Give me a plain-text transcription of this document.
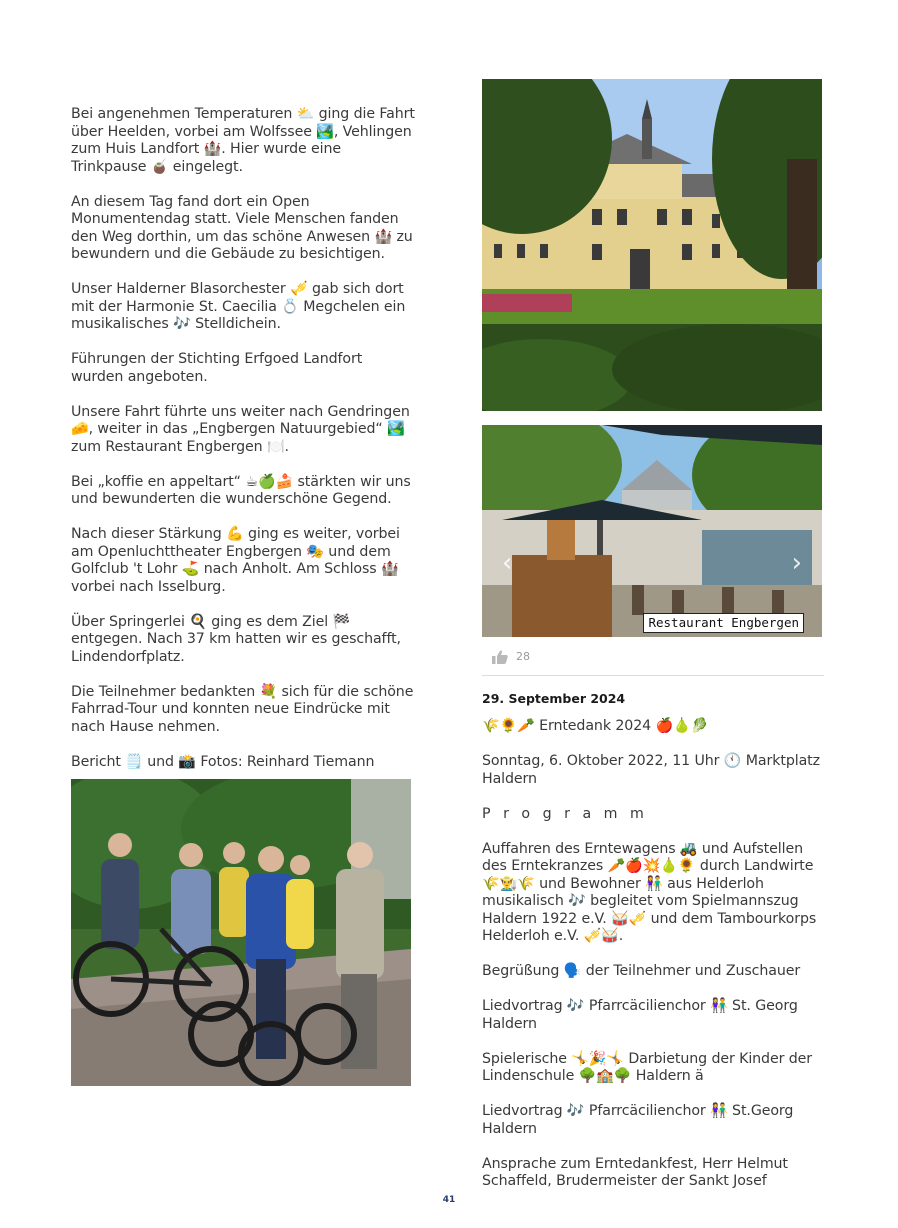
Bei angenehmen Temperaturen ⛅ ging die Fahrt über Heelden, vorbei am Wolfssee 🏞️, Vehlingen zum Huis Landfort 🏰. Hier wurde eine Trinkpause 🧉 eingelegt.

An diesem Tag fand dort ein Open Monumentendag statt. Viele Menschen fanden den Weg dorthin, um das schöne Anwesen 🏰 zu bewundern und die Gebäude zu besichtigen.

Unser Halderner Blasorchester 🎺 gab sich dort mit der Harmonie St. Caecilia 💍 Megchelen ein musikalisches 🎶 Stelldichein.

Führungen der Stichting Erfgoed Landfort wurden angeboten.

Unsere Fahrt führte uns weiter nach Gendringen 🧀, weiter in das „Engbergen Natuurgebied“ 🏞️ zum Restaurant Engbergen 🍽️.

Bei „koffie en appeltart“ ☕🍏🍰 stärkten wir uns und bewunderten die wunderschöne Gegend.

Nach dieser Stärkung 💪 ging es weiter, vorbei am Openluchttheater Engbergen 🎭 und dem Golfclub 't Lohr ⛳ nach Anholt. Am Schloss 🏰 vorbei nach Isselburg.

Über Springerlei 🍳 ging es dem Ziel 🏁 entgegen. Nach 37 km hatten wir es geschafft, Lindendorfplatz.

Die Teilnehmer bedankten 💐 sich für die schöne Fahrrad-Tour und konnten neue Eindrücke mit nach Hause nehmen.

Bericht 🗒️ und 📸 Fotos: Reinhard Tiemann

‹	›
Restaurant Engbergen
28
29. September 2024

🌾🌻🥕 Erntedank 2024 🍎🍐🥬

Sonntag, 6. Oktober 2022, 11 Uhr 🕚 Marktplatz Haldern

P r o g r a m m

Auffahren des Erntewagens 🚜 und Aufstellen des Erntekranzes 🥕🍎💥🍐🌻 durch Landwirte 🌾👨‍🌾🌾 und Bewohner 👫 aus Helderloh musikalisch 🎶 begleitet vom Spielmannszug Haldern 1922 e.V. 🥁🎺 und dem Tambourkorps Helderloh e.V. 🎺🥁.

Begrüßung 🗣️ der Teilnehmer und Zuschauer

Liedvortrag 🎶 Pfarrcäcilienchor 👫 St. Georg Haldern

Spielerische 🤸🎉🤸 Darbietung der Kinder der Lindenschule 🌳🏫🌳 Haldern ä

Liedvortrag 🎶 Pfarrcäcilienchor 👫 St.Georg Haldern

Ansprache zum Erntedankfest, Herr Helmut Schaffeld, Brudermeister der Sankt Josef

41
